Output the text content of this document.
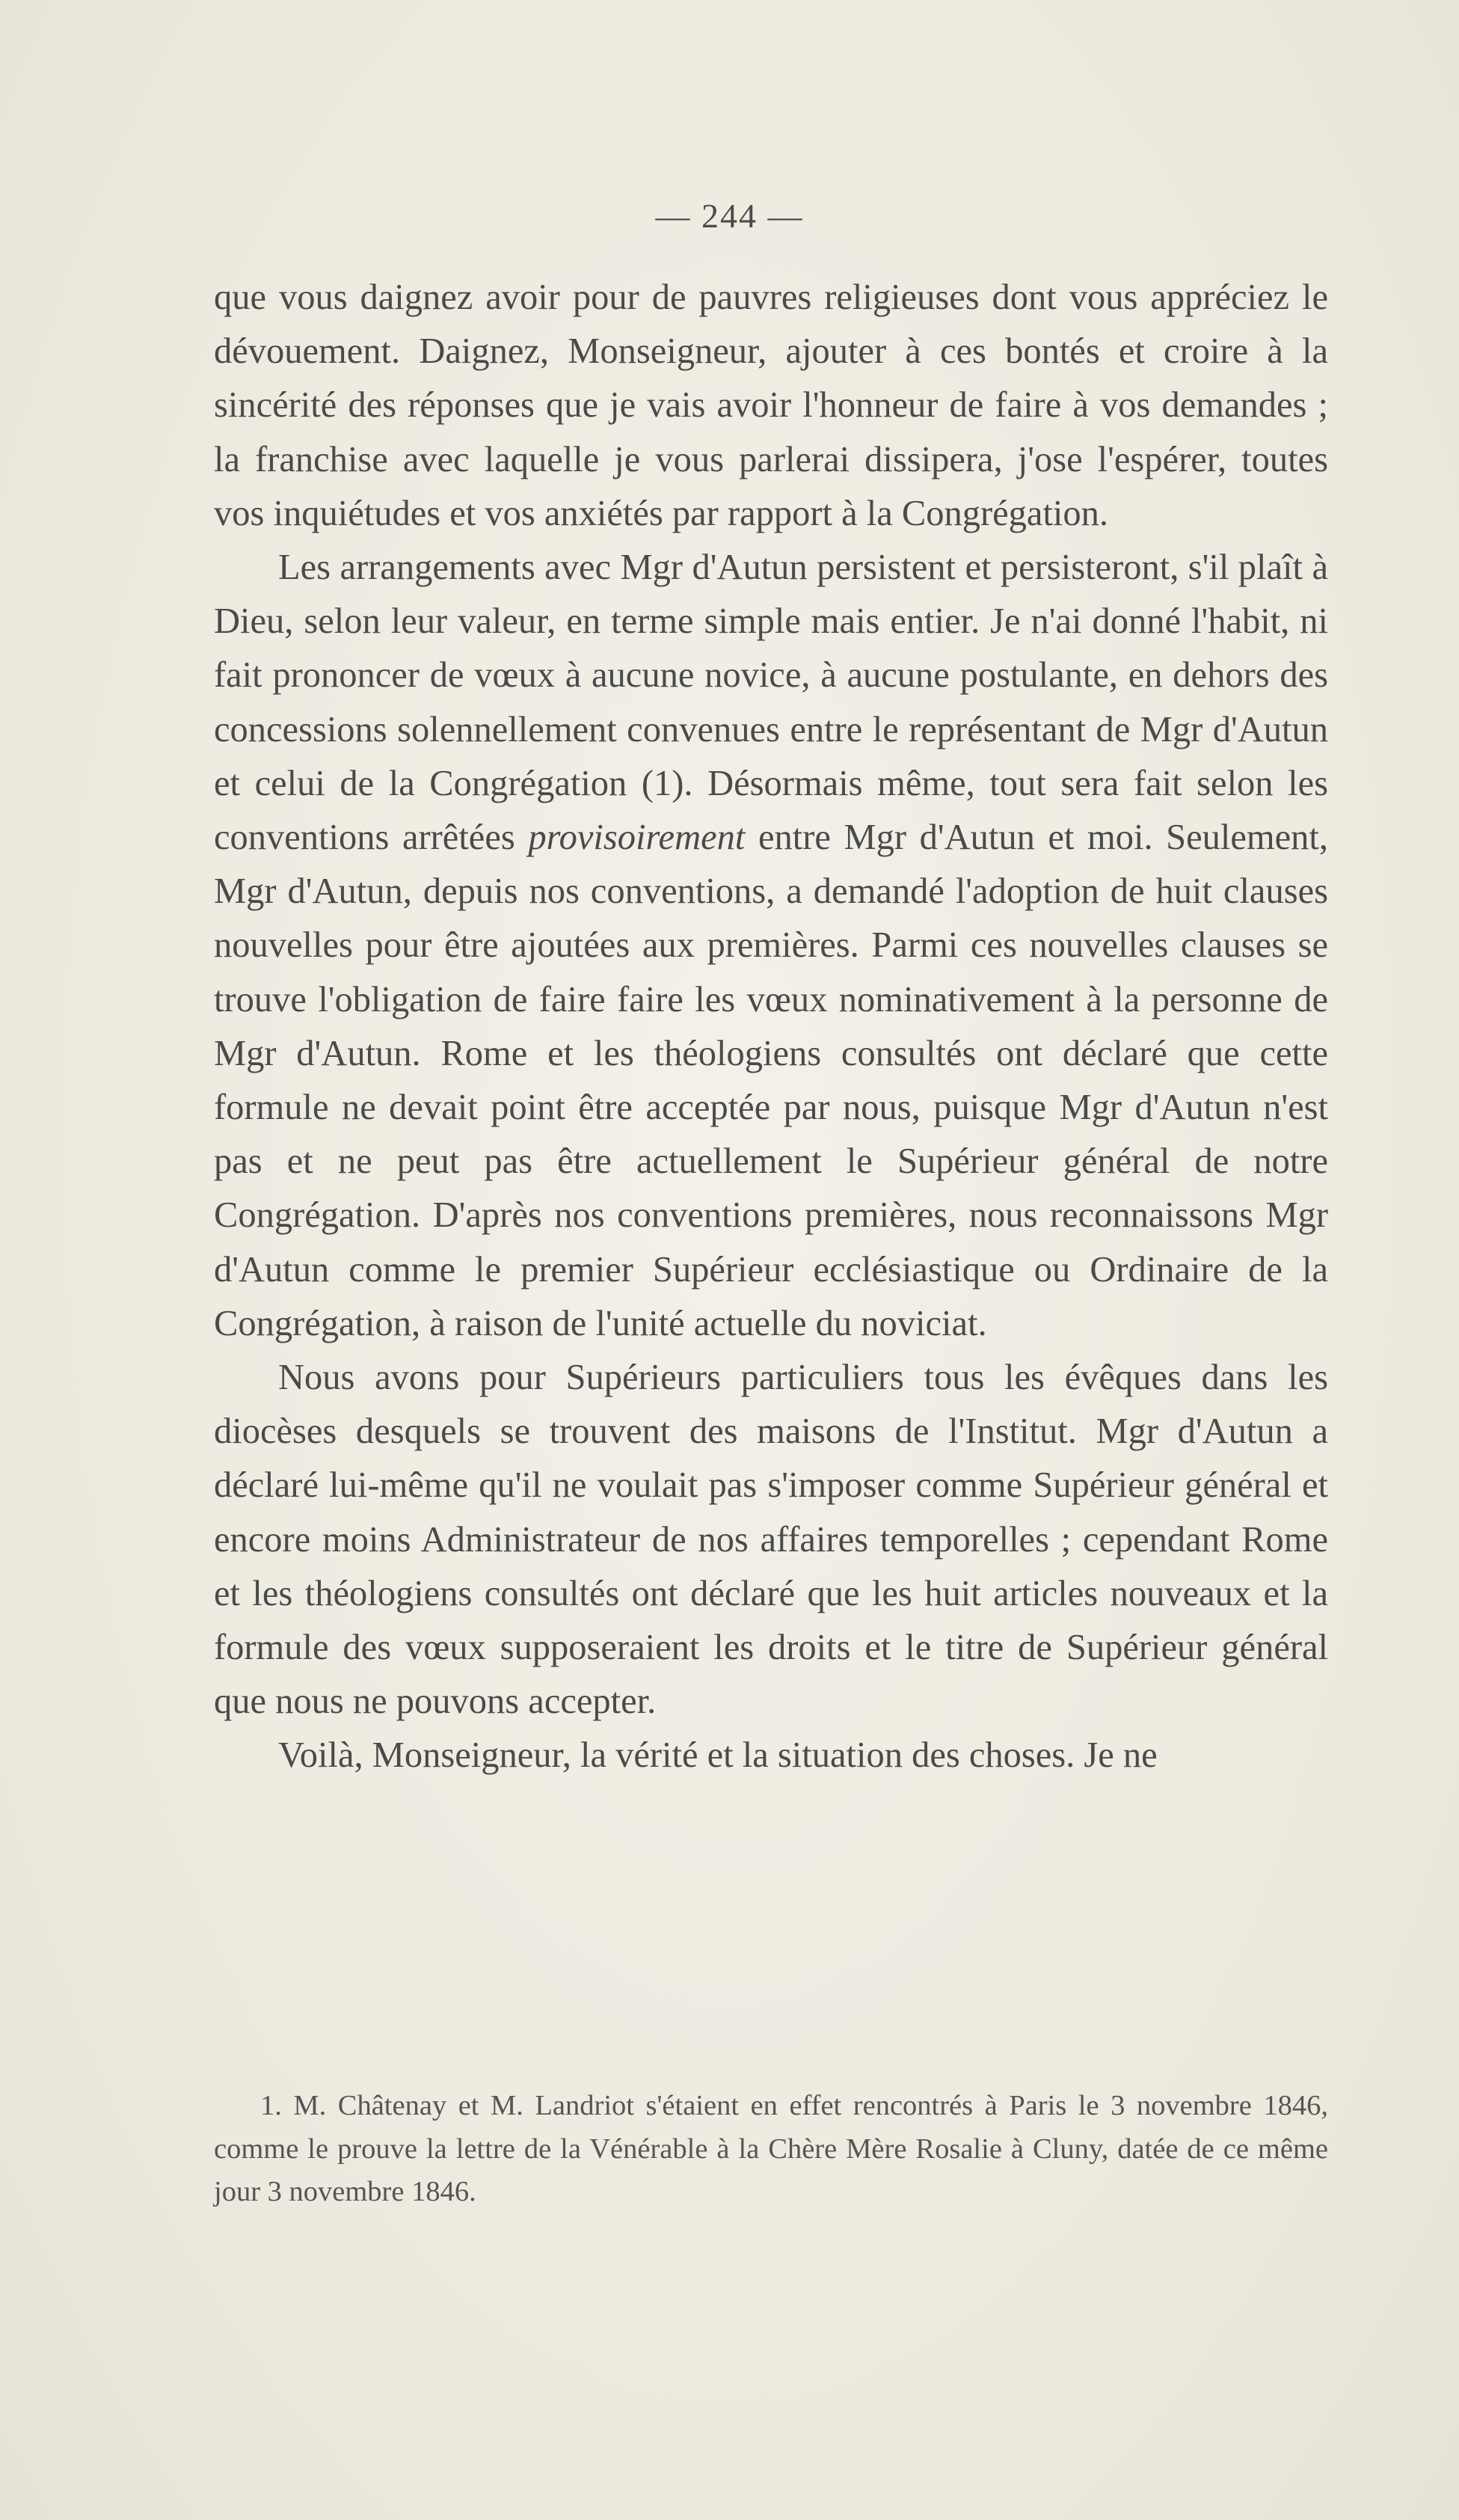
— 244 —

que vous daignez avoir pour de pauvres religieuses dont vous appréciez le dévouement. Daignez, Monseigneur, ajouter à ces bontés et croire à la sincérité des réponses que je vais avoir l'honneur de faire à vos demandes ; la franchise avec laquelle je vous parlerai dissipera, j'ose l'espérer, toutes vos inquiétudes et vos anxiétés par rapport à la Congrégation.

Les arrangements avec Mgr d'Autun persistent et persisteront, s'il plaît à Dieu, selon leur valeur, en terme simple mais entier. Je n'ai donné l'habit, ni fait prononcer de vœux à aucune novice, à aucune postulante, en dehors des concessions solennellement convenues entre le représentant de Mgr d'Autun et celui de la Congrégation (1). Désormais même, tout sera fait selon les conventions arrêtées provisoirement entre Mgr d'Autun et moi. Seulement, Mgr d'Autun, depuis nos conventions, a demandé l'adoption de huit clauses nouvelles pour être ajoutées aux premières. Parmi ces nouvelles clauses se trouve l'obligation de faire faire les vœux nominativement à la personne de Mgr d'Autun. Rome et les théologiens consultés ont déclaré que cette formule ne devait point être acceptée par nous, puisque Mgr d'Autun n'est pas et ne peut pas être actuellement le Supérieur général de notre Congrégation. D'après nos conventions premières, nous reconnaissons Mgr d'Autun comme le premier Supérieur ecclésiastique ou Ordinaire de la Congrégation, à raison de l'unité actuelle du noviciat.

Nous avons pour Supérieurs particuliers tous les évêques dans les diocèses desquels se trouvent des maisons de l'Institut. Mgr d'Autun a déclaré lui-même qu'il ne voulait pas s'imposer comme Supérieur général et encore moins Administrateur de nos affaires temporelles ; cependant Rome et les théologiens consultés ont déclaré que les huit articles nouveaux et la formule des vœux supposeraient les droits et le titre de Supérieur général que nous ne pouvons accepter.

Voilà, Monseigneur, la vérité et la situation des choses. Je ne

1. M. Châtenay et M. Landriot s'étaient en effet rencontrés à Paris le 3 novembre 1846, comme le prouve la lettre de la Vénérable à la Chère Mère Rosalie à Cluny, datée de ce même jour 3 novembre 1846.
